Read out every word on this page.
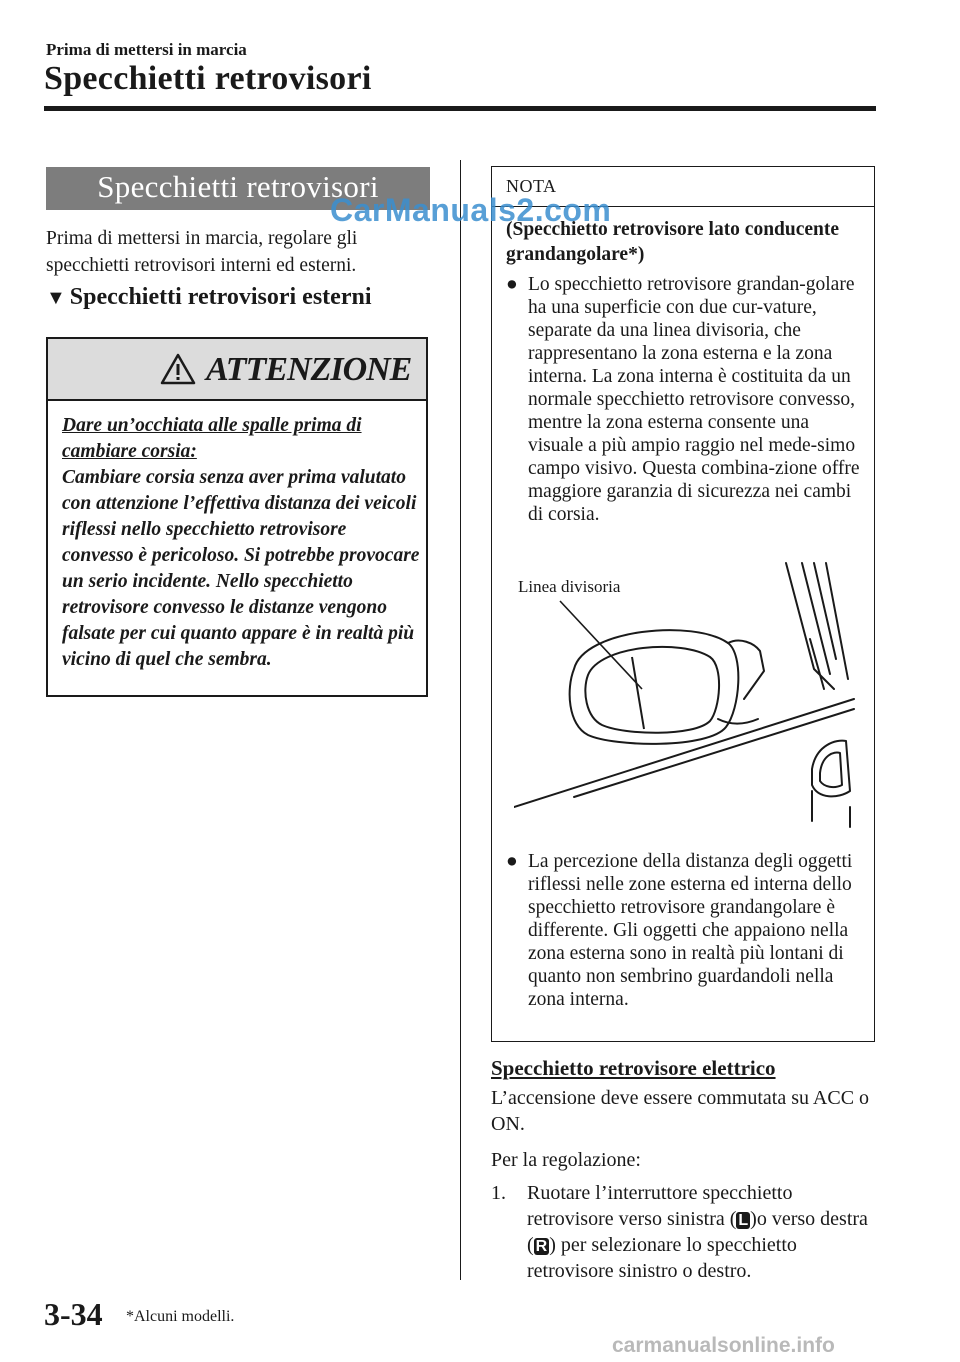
Prima di mettersi in marcia
Specchietti retrovisori
Specchietti retrovisori
Prima di mettersi in marcia, regolare gli specchietti retrovisori interni ed esterni.
▼ Specchietti retrovisori esterni
ATTENZIONE
Dare un’occhiata alle spalle prima di cambiare corsia:
Cambiare corsia senza aver prima valutato con attenzione l’effettiva distanza dei veicoli riflessi nello specchietto retrovisore convesso è pericoloso. Si potrebbe provocare un serio incidente. Nello specchietto retrovisore convesso le distanze vengono falsate per cui quanto appare è in realtà più vicino di quel che sembra.
NOTA
(Specchietto retrovisore lato conducente grandangolare*)
● Lo specchietto retrovisore grandan-golare ha una superficie con due cur-vature, separate da una linea divisoria, che rappresentano la zona esterna e la zona interna. La zona interna è costituita da un normale specchietto retrovisore convesso, mentre la zona esterna consente una visuale a più ampio raggio nel mede-simo campo visivo. Questa combina-zione offre maggiore garanzia di sicurezza nei cambi di corsia.
Linea divisoria
● La percezione della distanza degli oggetti riflessi nelle zone esterna ed interna dello specchietto retrovisore grandangolare è differente. Gli oggetti che appaiono nella zona esterna sono in realtà più lontani di quanto non sembrino guardandoli nella zona interna.
Specchietto retrovisore elettrico
L’accensione deve essere commutata su ACC o ON.
Per la regolazione:
1. Ruotare l’interruttore specchietto retrovisore verso sinistra ( L )o verso destra ( R ) per selezionare lo specchietto retrovisore sinistro o destro.
3-34 *Alcuni modelli.
CarManuals2.com
carmanualsonline.info
